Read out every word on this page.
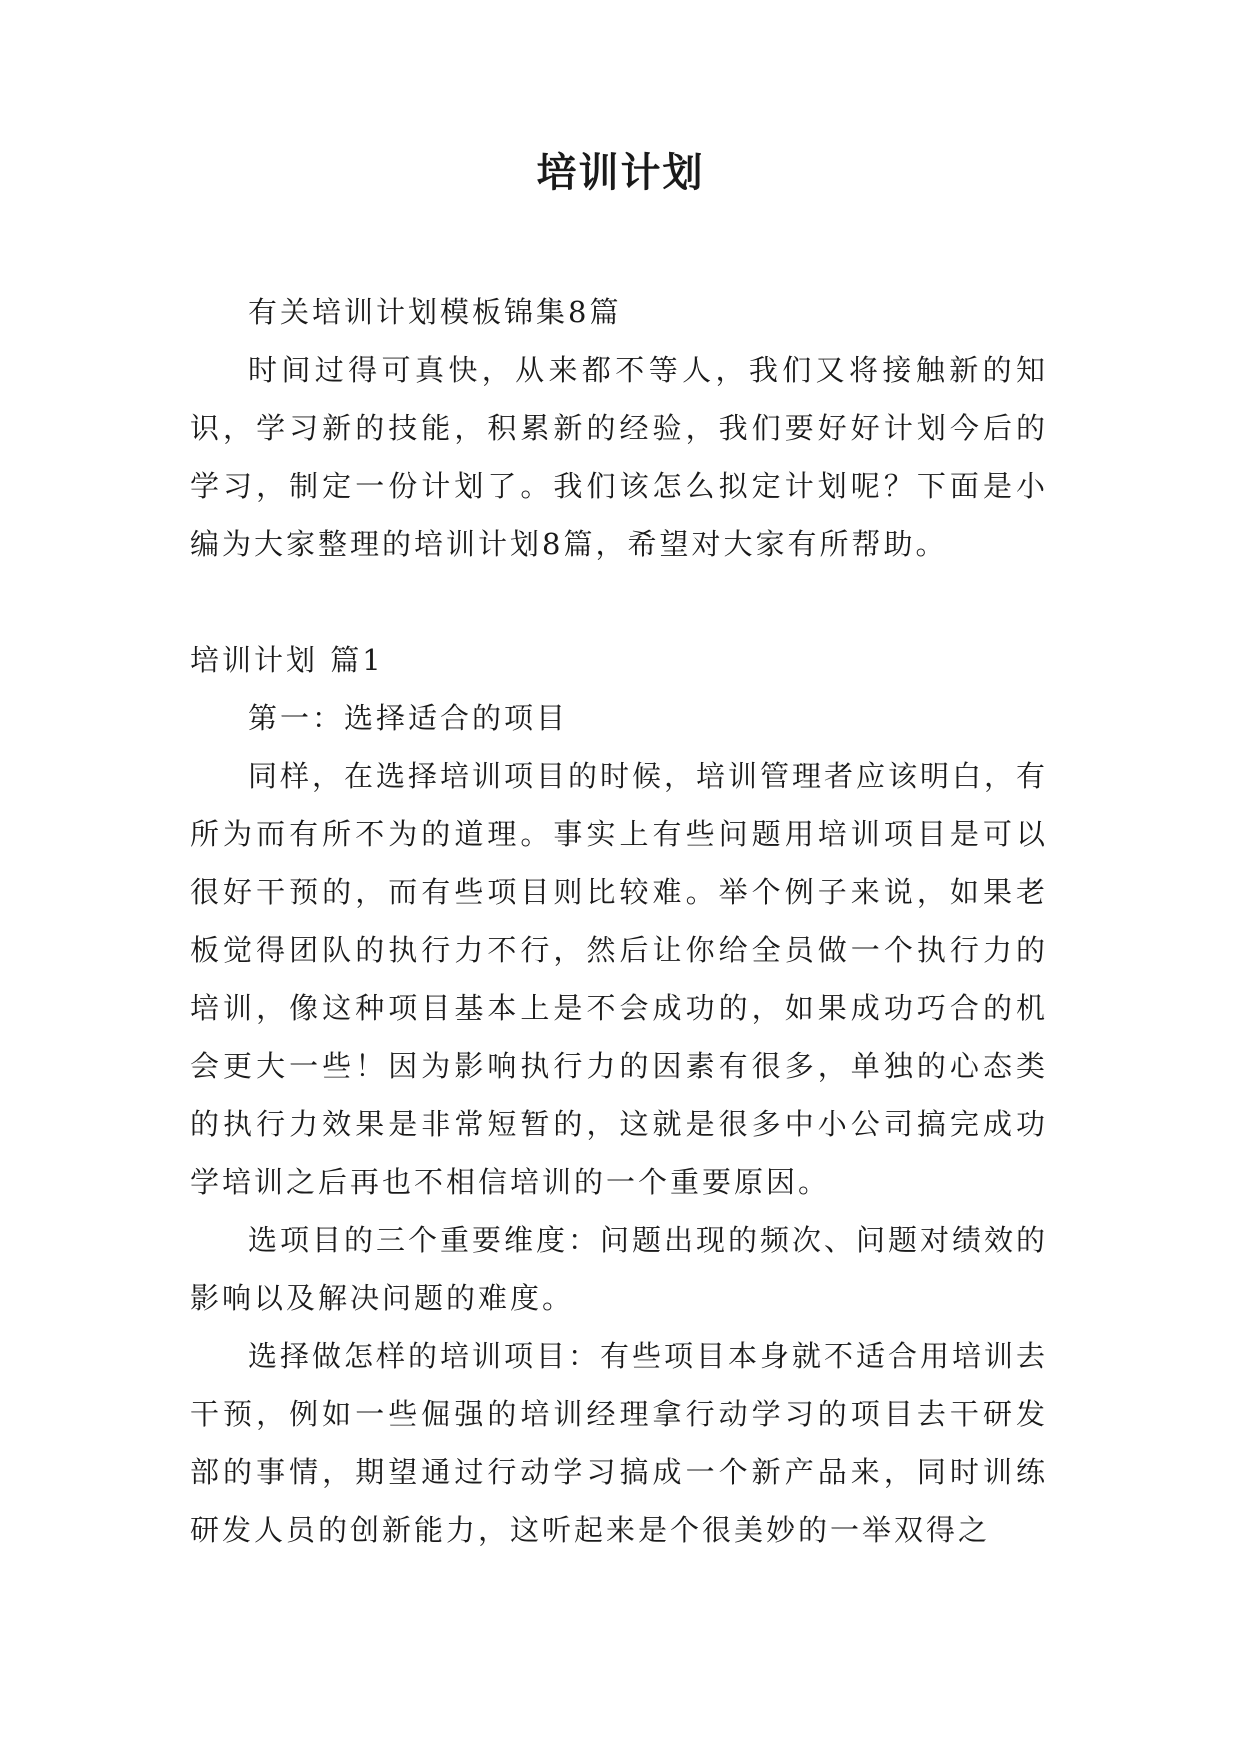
培训计划

有关培训计划模板锦集8篇

时间过得可真快，从来都不等人，我们又将接触新的知识，学习新的技能，积累新的经验，我们要好好计划今后的学习，制定一份计划了。我们该怎么拟定计划呢？下面是小编为大家整理的培训计划8篇，希望对大家有所帮助。

培训计划 篇1

第一：选择适合的项目

同样，在选择培训项目的时候，培训管理者应该明白，有所为而有所不为的道理。事实上有些问题用培训项目是可以很好干预的，而有些项目则比较难。举个例子来说，如果老板觉得团队的执行力不行，然后让你给全员做一个执行力的培训，像这种项目基本上是不会成功的，如果成功巧合的机会更大一些！因为影响执行力的因素有很多，单独的心态类的执行力效果是非常短暂的，这就是很多中小公司搞完成功学培训之后再也不相信培训的一个重要原因。

选项目的三个重要维度：问题出现的频次、问题对绩效的影响以及解决问题的难度。

选择做怎样的培训项目：有些项目本身就不适合用培训去干预，例如一些倔强的培训经理拿行动学习的项目去干研发部的事情，期望通过行动学习搞成一个新产品来，同时训练研发人员的创新能力，这听起来是个很美妙的一举双得之
